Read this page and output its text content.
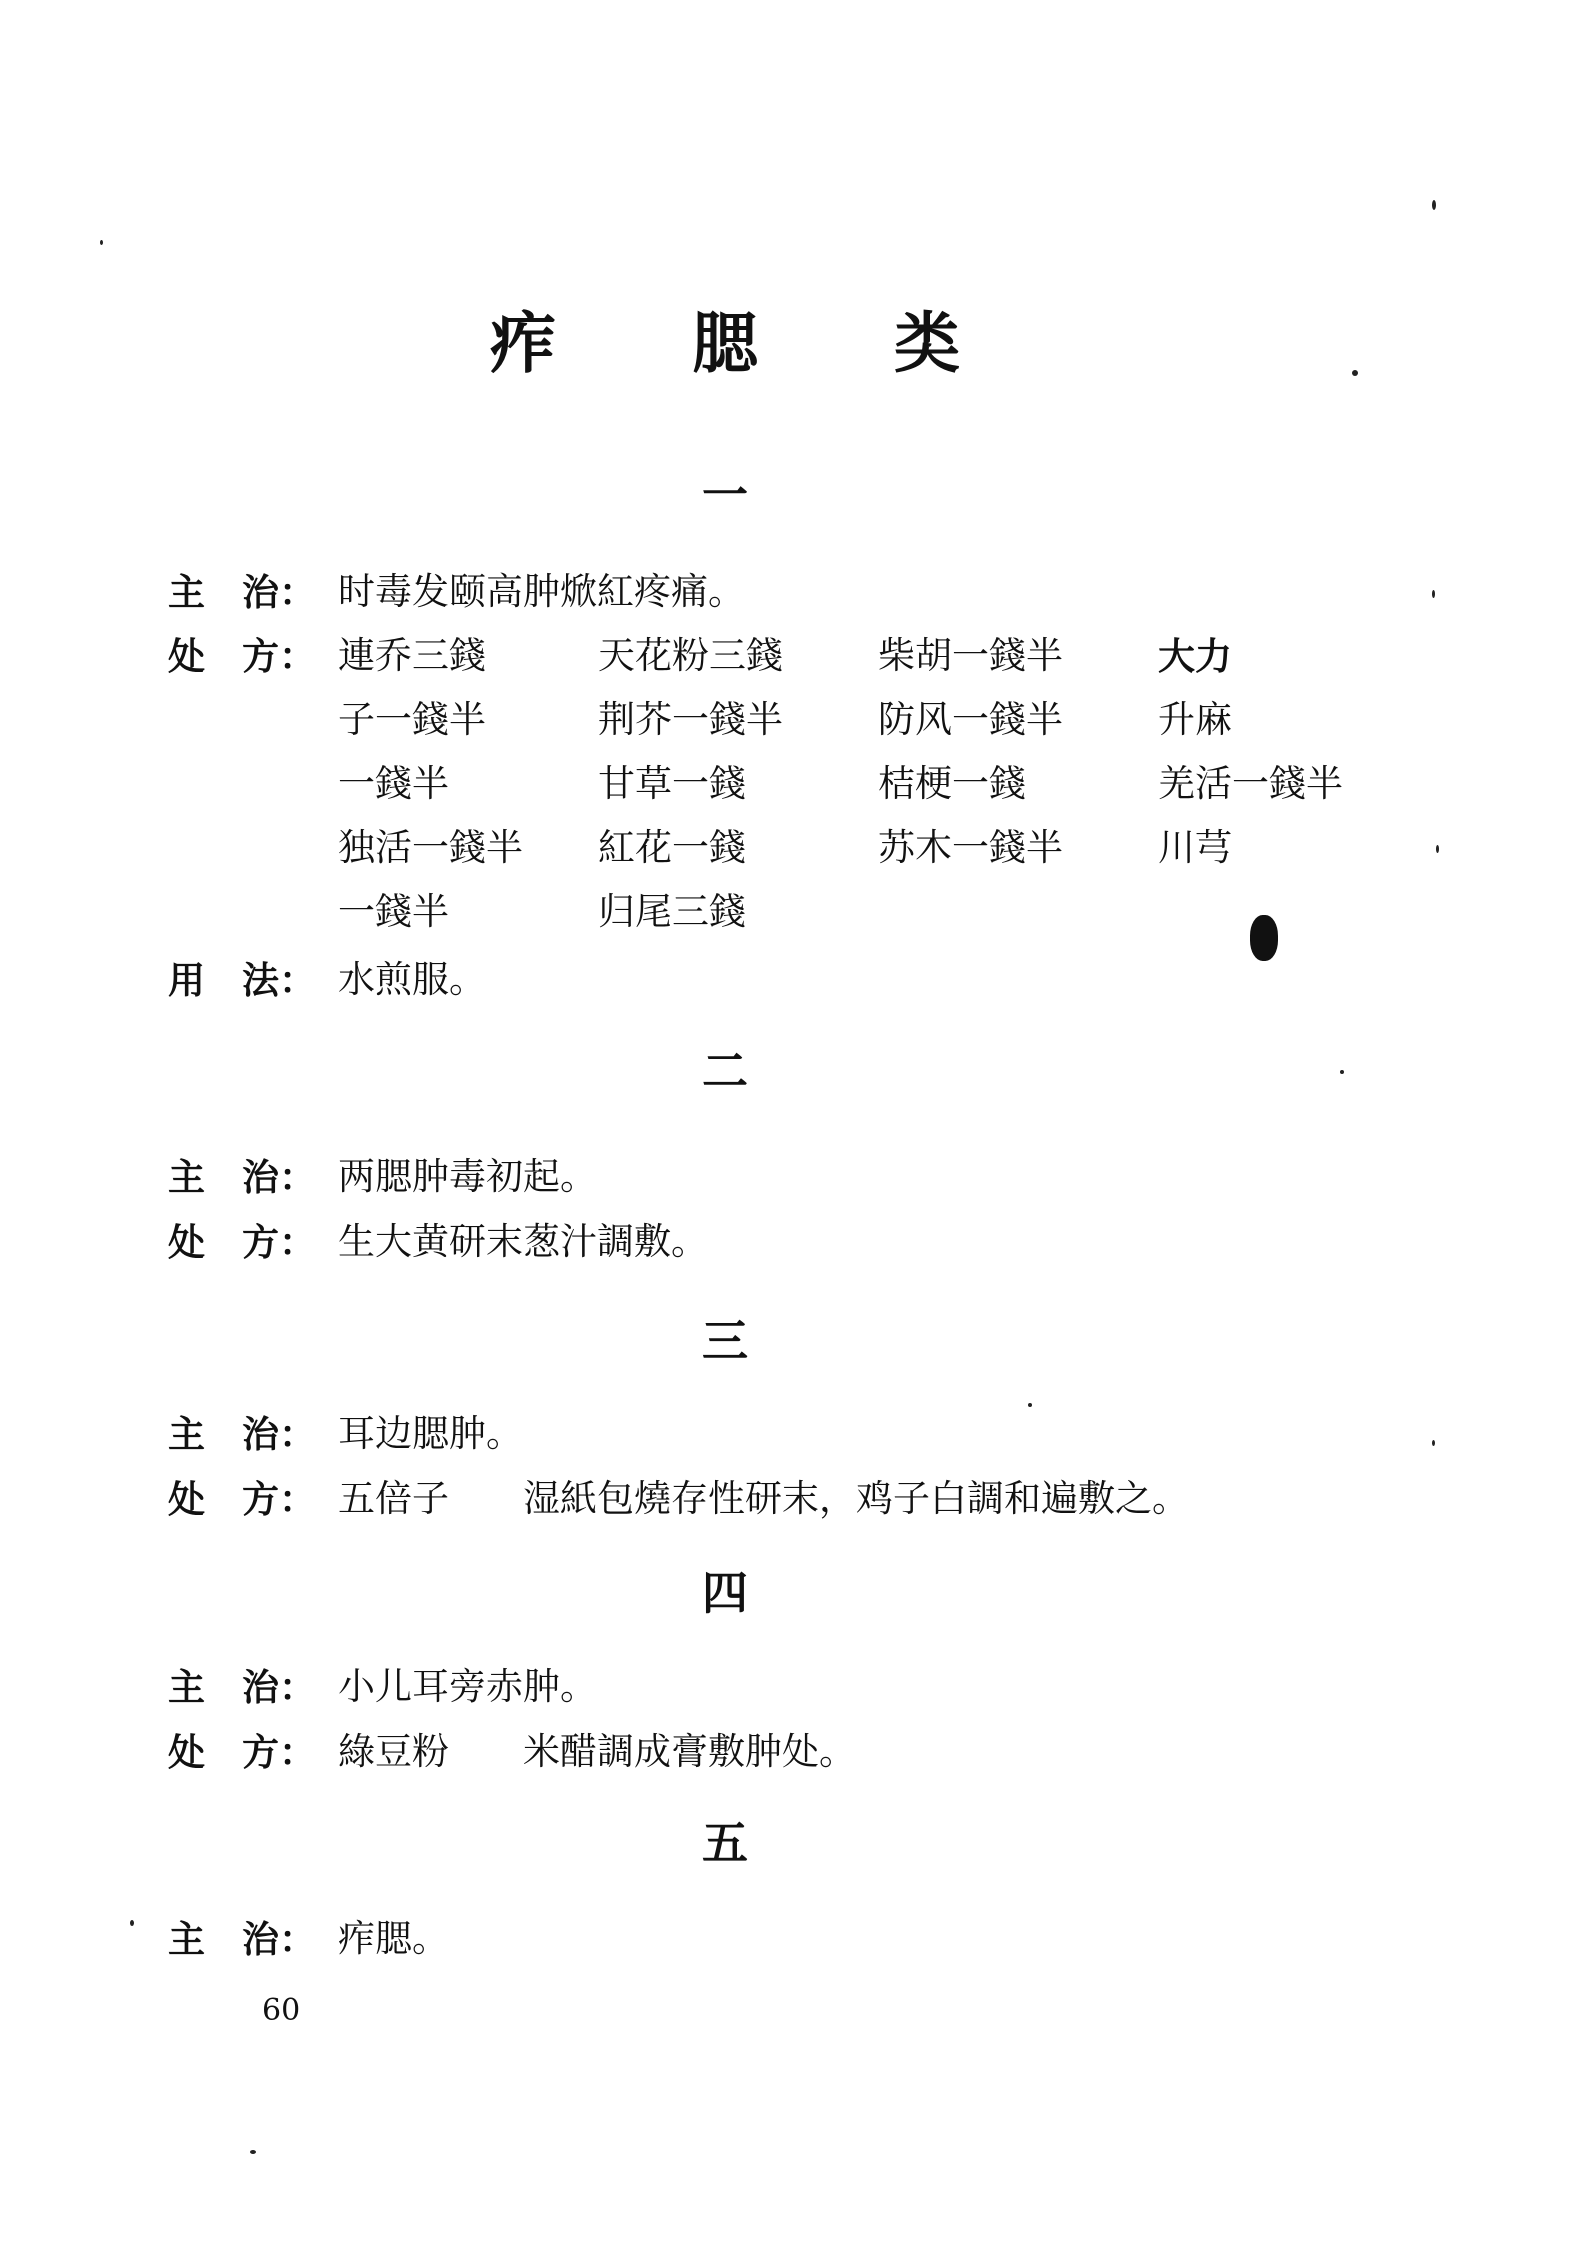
痄 腮 类
一
主　治： 时毒发颐高肿焮紅疼痛。
处　方： 連乔三錢	天花粉三錢	柴胡一錢半	大力
子一錢半	荆芥一錢半	防风一錢半	升麻
一錢半	甘草一錢	桔梗一錢	羌活一錢半
独活一錢半	紅花一錢	苏木一錢半	川芎
一錢半	归尾三錢
用　法： 水煎服。
二
主　治： 两腮肿毒初起。
处　方： 生大黄研末葱汁調敷。
三
主　治： 耳边腮肿。
处　方： 五倍子　　湿紙包燒存性研末，鸡子白調和遍敷之。
四
主　治： 小儿耳旁赤肿。
处　方： 綠豆粉　　米醋調成膏敷肿处。
五
主　治： 痄腮。
60
